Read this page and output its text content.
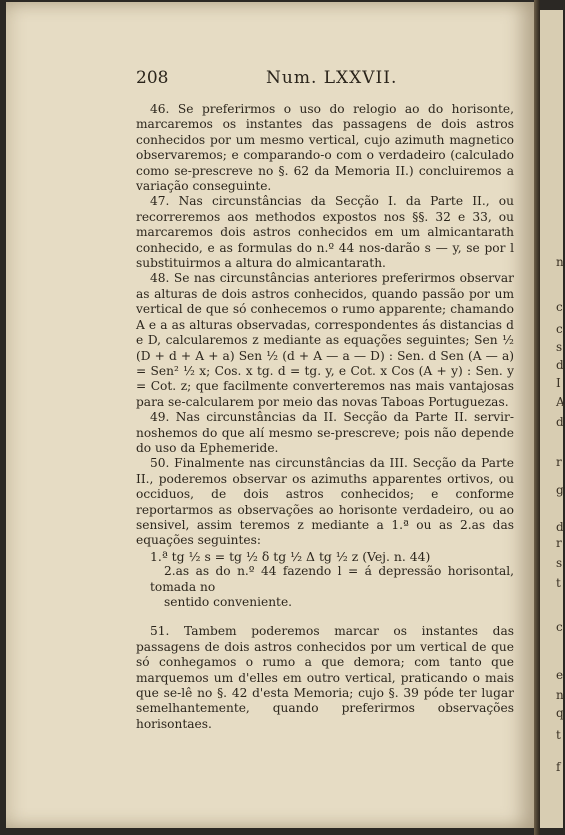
208	Num. LXXVII.

46. Se preferirmos o uso do relogio ao do horisonte, marcaremos os instantes das passagens de dois astros conhecidos por um mesmo vertical, cujo azimuth magnetico observaremos; e comparando-o com o verdadeiro (calculado como se-prescreve no §. 62 da Memoria II.) concluiremos a variação conseguinte.

47. Nas circunstâncias da Secção I. da Parte II., ou recorreremos aos methodos expostos nos §§. 32 e 33, ou marcaremos dois astros conhecidos em um almicantarath conhecido, e as formulas do n.º 44 nos-darão s — y, se por l substituirmos a altura do almicantarath.

48. Se nas circunstâncias anteriores preferirmos observar as alturas de dois astros conhecidos, quando passão por um vertical de que só conhecemos o rumo apparente; chamando A e a as alturas observadas, correspondentes ás distancias d e D, calcularemos z mediante as equações seguintes; Sen ½ (D + d + A + a) Sen ½ (d + A — a — D) : Sen. d Sen (A — a) = Sen² ½ x; Cos. x tg. d = tg. y, e Cot. x Cos (A + y) : Sen. y = Cot. z; que facilmente converteremos nas mais vantajosas para se-calcularem por meio das novas Taboas Portuguezas.

49. Nas circunstâncias da II. Secção da Parte II. servir-noshemos do que alí mesmo se-prescreve; pois não depende do uso da Ephemeride.

50. Finalmente nas circunstâncias da III. Secção da Parte II., poderemos observar os azimuths apparentes ortivos, ou occiduos, de dois astros conhecidos; e conforme reportarmos as observações ao horisonte verdadeiro, ou ao sensivel, assim teremos z mediante a 1.ª ou as 2.as das equações seguintes:

1.ª tg ½ s = tg ½ δ tg ½ Δ tg ½ z (Vej. n. 44)

2.as as do n.º 44 fazendo l = á depressão horisontal, tomada no
sentido conveniente.

51. Tambem poderemos marcar os instantes das passagens de dois astros conhecidos por um vertical de que só conhegamos o rumo a que demora; com tanto que marquemos um d'elles em outro vertical, praticando o mais que se-lê no §. 42 d'esta Memoria; cujo §. 39 póde ter lugar semelhantemente, quando preferirmos observações horisontaes.

n
c
c
s
d
I
A
d
r
g
d
r
s
t
c
e
n
q
t
f
